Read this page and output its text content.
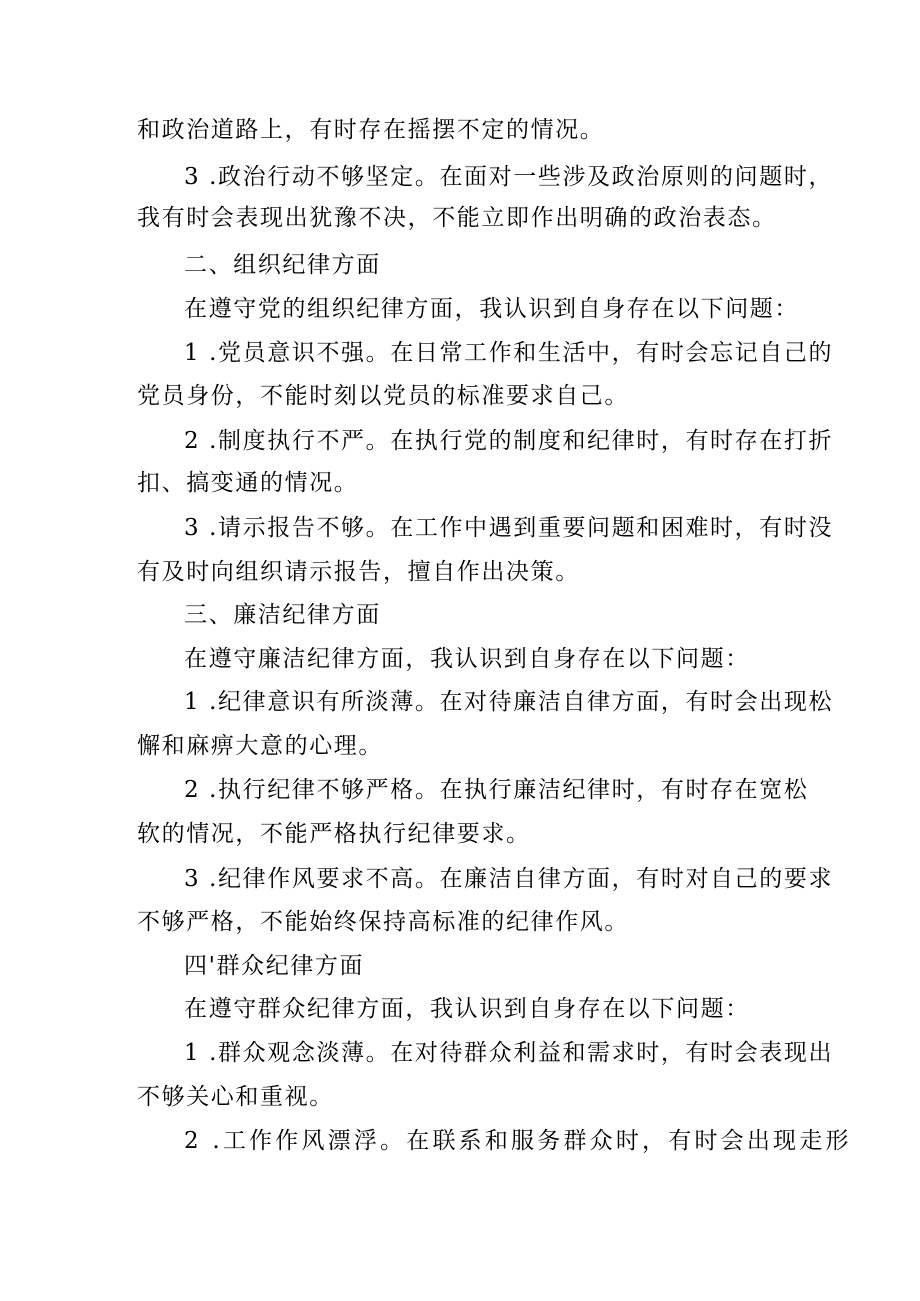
和政治道路上，有时存在摇摆不定的情况。

3 .政治行动不够坚定。在面对一些涉及政治原则的问题时，

我有时会表现出犹豫不决，不能立即作出明确的政治表态。

二、组织纪律方面

在遵守党的组织纪律方面，我认识到自身存在以下问题：

1 .党员意识不强。在日常工作和生活中，有时会忘记自己的

党员身份，不能时刻以党员的标准要求自己。

2 .制度执行不严。在执行党的制度和纪律时，有时存在打折

扣、搞变通的情况。

3 .请示报告不够。在工作中遇到重要问题和困难时，有时没

有及时向组织请示报告，擅自作出决策。

三、廉洁纪律方面

在遵守廉洁纪律方面，我认识到自身存在以下问题：

1 .纪律意识有所淡薄。在对待廉洁自律方面，有时会出现松

懈和麻痹大意的心理。

2 .执行纪律不够严格。在执行廉洁纪律时，有时存在宽松

软的情况，不能严格执行纪律要求。

3 .纪律作风要求不高。在廉洁自律方面，有时对自己的要求

不够严格，不能始终保持高标准的纪律作风。

四'群众纪律方面

在遵守群众纪律方面，我认识到自身存在以下问题：

1 .群众观念淡薄。在对待群众利益和需求时，有时会表现出

不够关心和重视。

2 .工作作风漂浮。在联系和服务群众时，有时会出现走形
